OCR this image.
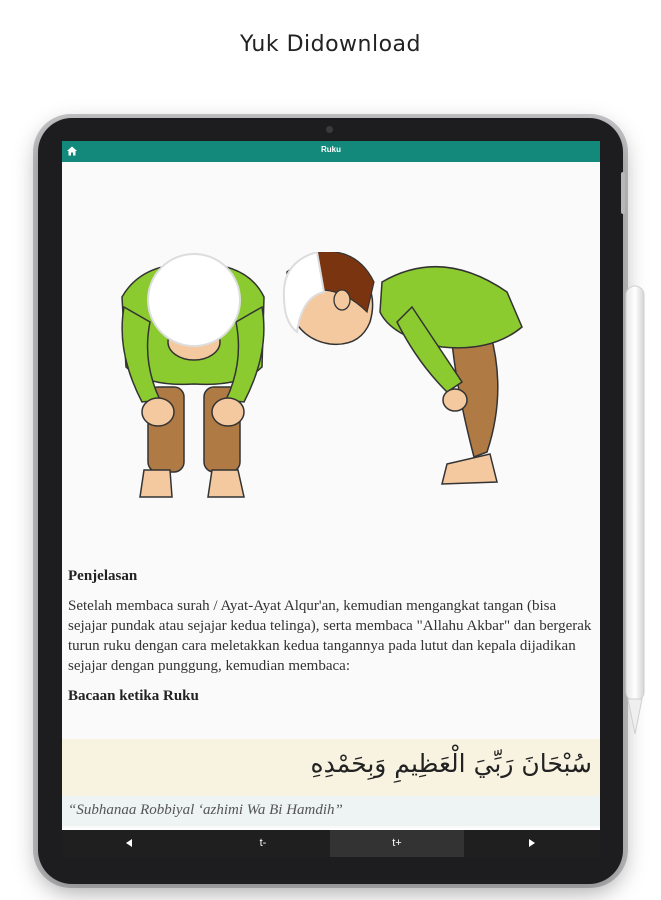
Yuk Didownload
Ruku
Penjelasan
Setelah membaca surah / Ayat-Ayat Alqur'an, kemudian mengangkat tangan (bisa sejajar pundak atau sejajar kedua telinga), serta membaca "Allahu Akbar" dan bergerak turun ruku dengan cara meletakkan kedua tangannya pada lutut dan kepala dijadikan sejajar dengan punggung, kemudian membaca:
Bacaan ketika Ruku
سُبْحَانَ رَبِّيَ الْعَظِيمِ وَبِحَمْدِهِ
“Subhanaa Robbiyal ‘azhimi Wa Bi Hamdih”
t-	t+
